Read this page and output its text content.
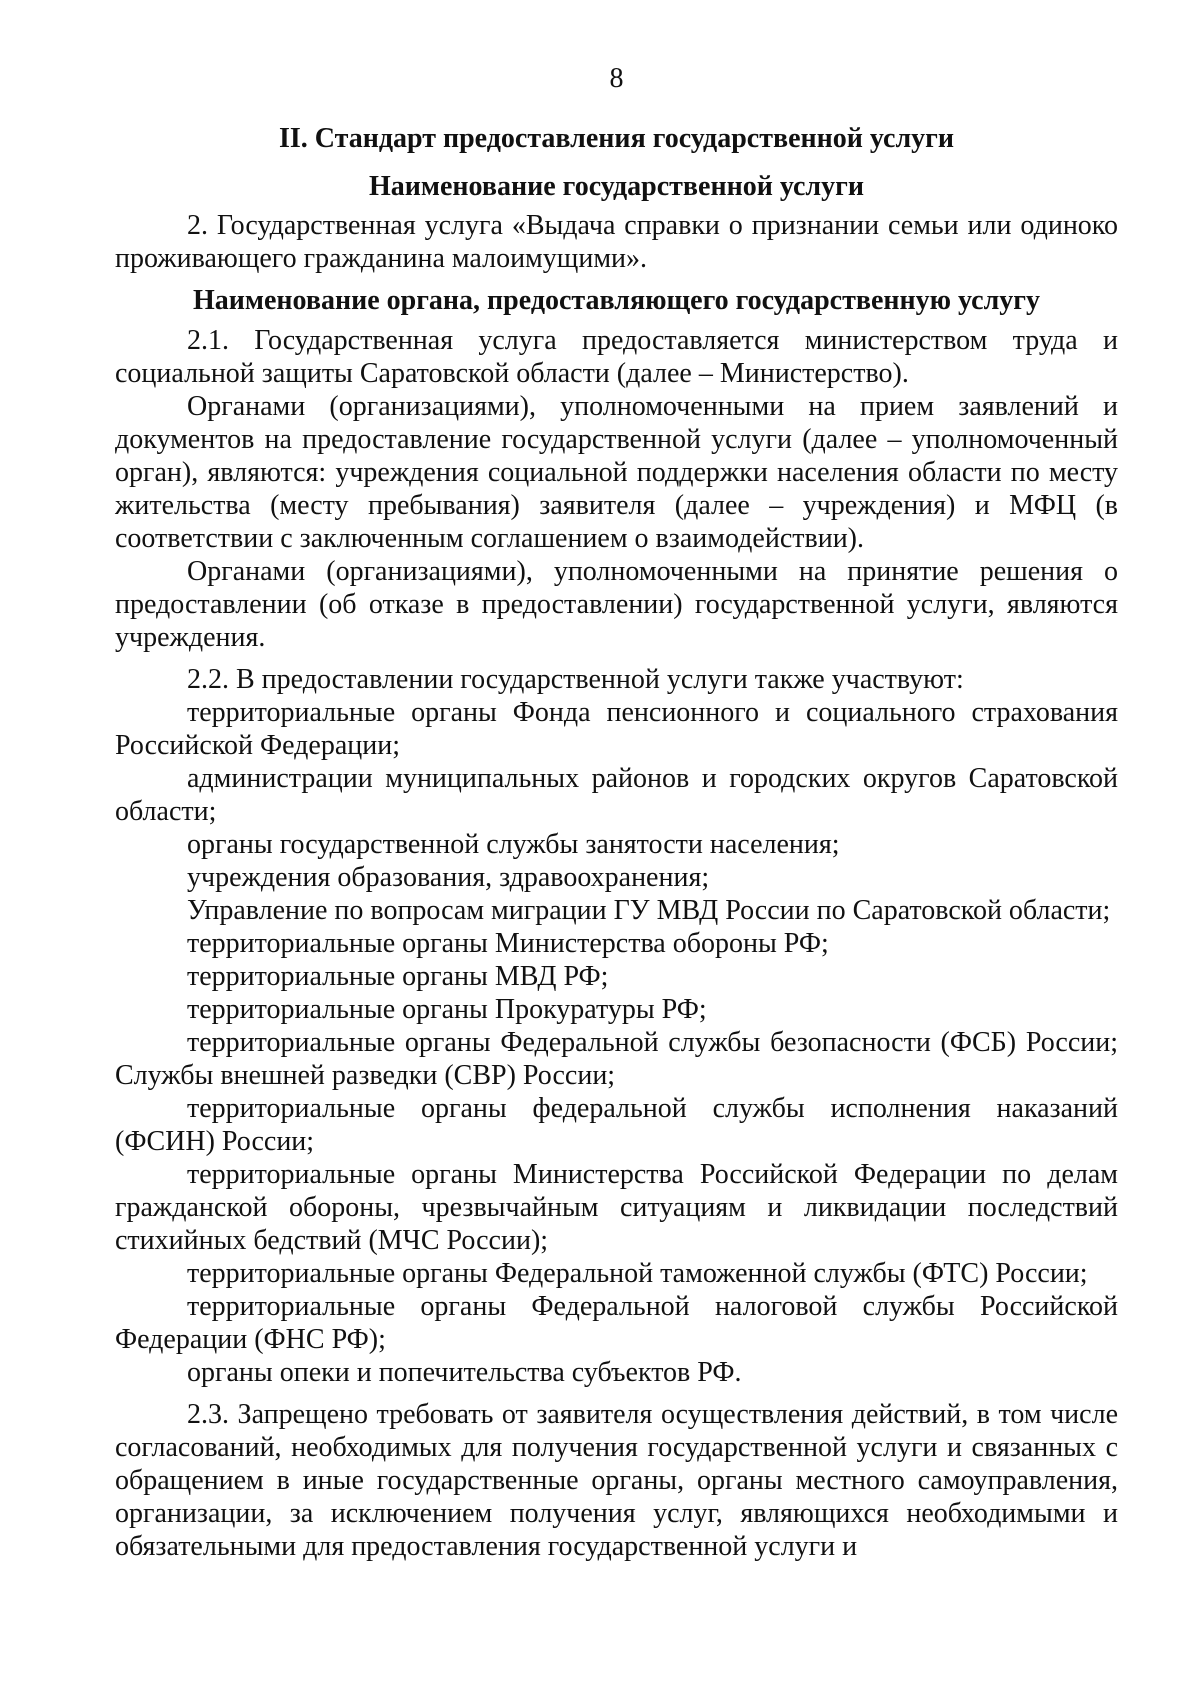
8
II. Стандарт предоставления государственной услуги
Наименование государственной услуги

2. Государственная услуга «Выдача справки о признании семьи или одиноко проживающего гражданина малоимущими».

Наименование органа, предоставляющего государственную услугу

2.1. Государственная услуга предоставляется министерством труда и социальной защиты Саратовской области (далее – Министерство).

Органами (организациями), уполномоченными на прием заявлений и документов на предоставление государственной услуги (далее – уполномоченный орган), являются: учреждения социальной поддержки населения области по месту жительства (месту пребывания) заявителя (далее – учреждения) и МФЦ (в соответствии с заключенным соглашением о взаимодействии).

Органами (организациями), уполномоченными на принятие решения о предоставлении (об отказе в предоставлении) государственной услуги, являются учреждения.

2.2. В предоставлении государственной услуги также участвуют:

территориальные органы Фонда пенсионного и социального страхования Российской Федерации;

администрации муниципальных районов и городских округов Саратовской области;

органы государственной службы занятости населения;

учреждения образования, здравоохранения;

Управление по вопросам миграции ГУ МВД России по Саратовской области;

территориальные органы Министерства обороны РФ;

территориальные органы МВД РФ;

территориальные органы Прокуратуры РФ;

территориальные органы Федеральной службы безопасности (ФСБ) России; Службы внешней разведки (СВР) России;

территориальные органы федеральной службы исполнения наказаний (ФСИН) России;

территориальные органы Министерства Российской Федерации по делам гражданской обороны, чрезвычайным ситуациям и ликвидации последствий стихийных бедствий (МЧС России);

территориальные органы Федеральной таможенной службы (ФТС) России;

территориальные органы Федеральной налоговой службы Российской Федерации (ФНС РФ);

органы опеки и попечительства субъектов РФ.

2.3. Запрещено требовать от заявителя осуществления действий, в том числе согласований, необходимых для получения государственной услуги и связанных с обращением в иные государственные органы, органы местного самоуправления, организации, за исключением получения услуг, являющихся необходимыми и обязательными для предоставления государственной услуги и
